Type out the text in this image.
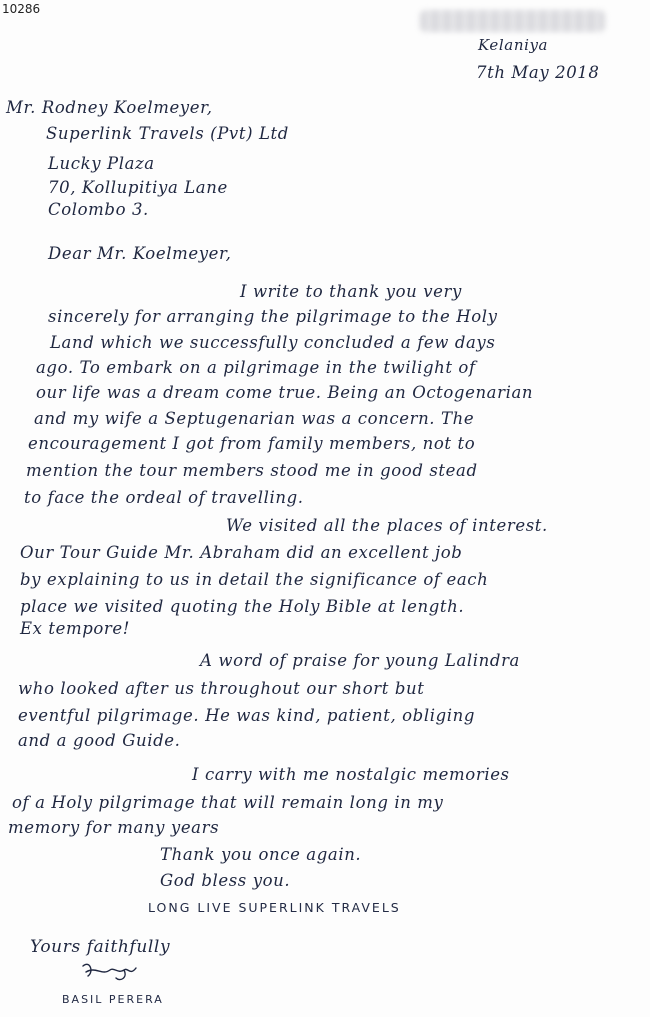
10286
Kelaniya
7th May 2018
Mr. Rodney Koelmeyer,
Superlink Travels (Pvt) Ltd
Lucky Plaza
70, Kollupitiya Lane
Colombo 3.
Dear Mr. Koelmeyer,
I write to thank you very
sincerely for arranging the pilgrimage to the Holy
Land which we successfully concluded a few days
ago. To embark on a pilgrimage in the twilight of
our life was a dream come true. Being an Octogenarian
and my wife a Septugenarian was a concern. The
encouragement I got from family members, not to
mention the tour members stood me in good stead
to face the ordeal of travelling.
We visited all the places of interest.
Our Tour Guide Mr. Abraham did an excellent job
by explaining to us in detail the significance of each
place we visited quoting the Holy Bible at length.
Ex tempore!
A word of praise for young Lalindra
who looked after us throughout our short but
eventful pilgrimage. He was kind, patient, obliging
and a good Guide.
I carry with me nostalgic memories
of a Holy pilgrimage that will remain long in my
memory for many years
Thank you once again.
God bless you.
LONG LIVE SUPERLINK TRAVELS
Yours faithfully
BASIL PERERA
